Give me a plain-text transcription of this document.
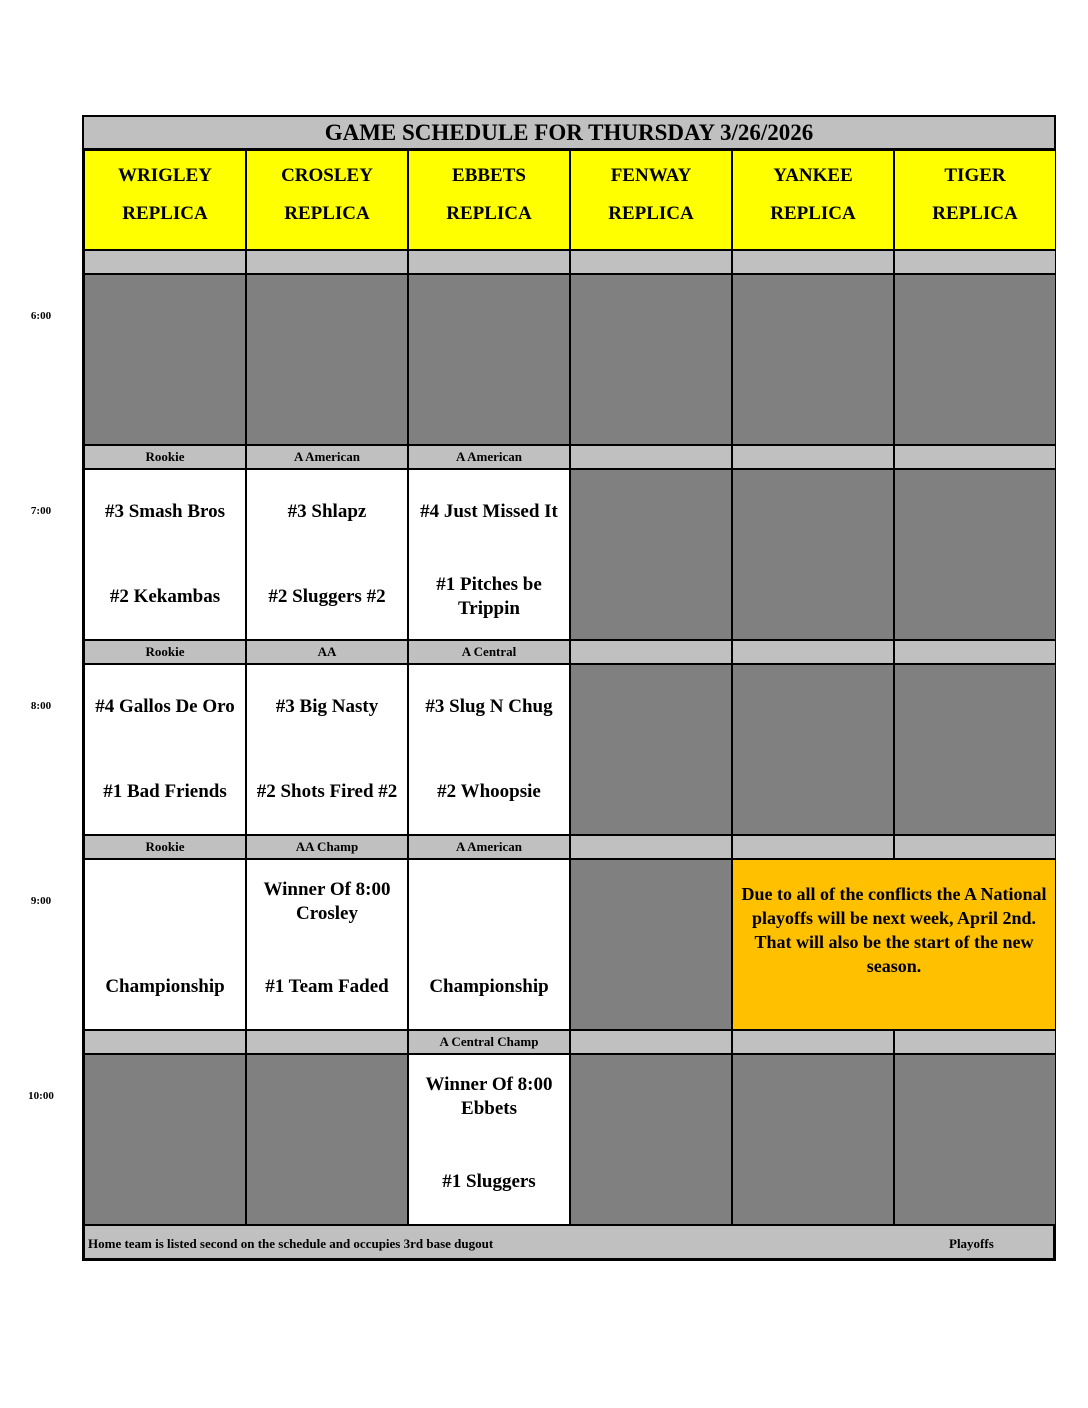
6:00
7:00
8:00
9:00
10:00
GAME SCHEDULE FOR THURSDAY 3/26/2026
WRIGLEY
REPLICA
CROSLEY
REPLICA
EBBETS
REPLICA
FENWAY
REPLICA
YANKEE
REPLICA
TIGER
REPLICA
Rookie
#3 Smash Bros
#2 Kekambas
A American
#3 Shlapz
#2 Sluggers #2
A American
#4 Just Missed It
#1 Pitches be Trippin
Rookie
#4 Gallos De Oro
#1 Bad Friends
AA
#3 Big Nasty
#2 Shots Fired #2
A Central
#3 Slug N Chug
#2 Whoopsie
Rookie
Championship
AA Champ
Winner Of 8:00 Crosley
#1 Team Faded
A American
Championship
Due to all of the conflicts the A National playoffs will be next week, April 2nd. That will also be the start of the new season.
A Central Champ
Winner Of 8:00 Ebbets
#1 Sluggers
Home team is listed second on the schedule and occupies 3rd base dugout	Playoffs
